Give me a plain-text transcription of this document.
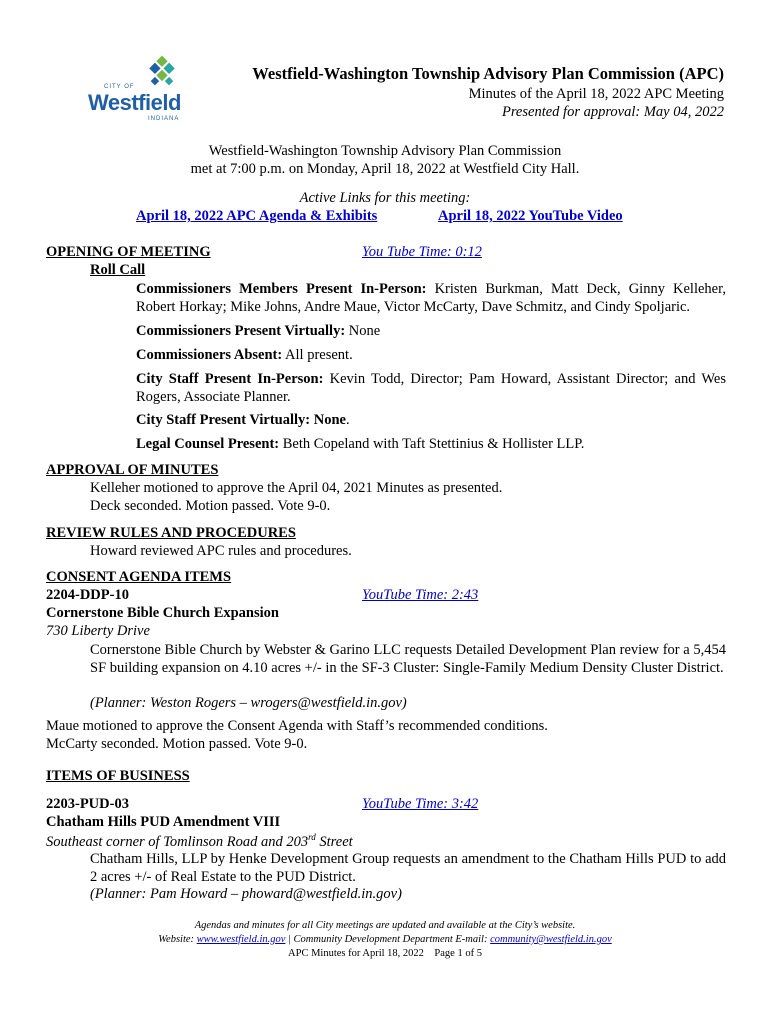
CITY OF
Westfield
INDIANA
Westfield-Washington Township Advisory Plan Commission (APC)
Minutes of the April 18, 2022 APC Meeting
Presented for approval: May 04, 2022
Westfield-Washington Township Advisory Plan Commission
met at 7:00 p.m. on Monday, April 18, 2022 at Westfield City Hall.
Active Links for this meeting:
April 18, 2022 APC Agenda & Exhibits	April 18, 2022 YouTube Video
OPENING OF MEETING	You Tube Time: 0:12
Roll Call
Commissioners Members Present In-Person: Kristen Burkman, Matt Deck, Ginny Kelleher, Robert Horkay; Mike Johns, Andre Maue, Victor McCarty, Dave Schmitz, and Cindy Spoljaric.
Commissioners Present Virtually: None
Commissioners Absent: All present.
City Staff Present In-Person: Kevin Todd, Director; Pam Howard, Assistant Director; and Wes Rogers, Associate Planner.
City Staff Present Virtually: None.
Legal Counsel Present: Beth Copeland with Taft Stettinius & Hollister LLP.
APPROVAL OF MINUTES
Kelleher motioned to approve the April 04, 2021 Minutes as presented.
Deck seconded. Motion passed. Vote 9-0.
REVIEW RULES AND PROCEDURES
Howard reviewed APC rules and procedures.
CONSENT AGENDA ITEMS
2204-DDP-10	YouTube Time: 2:43
Cornerstone Bible Church Expansion
730 Liberty Drive
Cornerstone Bible Church by Webster & Garino LLC requests Detailed Development Plan review for a 5,454 SF building expansion on 4.10 acres +/- in the SF-3 Cluster: Single-Family Medium Density Cluster District.
(Planner: Weston Rogers – wrogers@westfield.in.gov)
Maue motioned to approve the Consent Agenda with Staff’s recommended conditions.
McCarty seconded. Motion passed. Vote 9-0.
ITEMS OF BUSINESS
2203-PUD-03	YouTube Time: 3:42
Chatham Hills PUD Amendment VIII
Southeast corner of Tomlinson Road and 203rd Street
Chatham Hills, LLP by Henke Development Group requests an amendment to the Chatham Hills PUD to add 2 acres +/- of Real Estate to the PUD District.
(Planner: Pam Howard – phoward@westfield.in.gov)
Agendas and minutes for all City meetings are updated and available at the City’s website.
Website: www.westfield.in.gov | Community Development Department E-mail: community@westfield.in.gov
APC Minutes for April 18, 2022    Page 1 of 5
